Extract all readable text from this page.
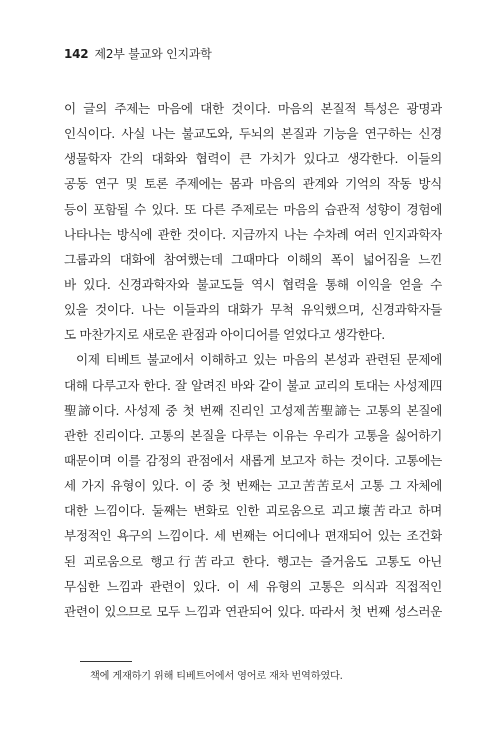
142 제2부 불교와 인지과학
이 글의 주제는 마음에 대한 것이다. 마음의 본질적 특성은 광명과
인식이다. 사실 나는 불교도와, 두뇌의 본질과 기능을 연구하는 신경
생물학자 간의 대화와 협력이 큰 가치가 있다고 생각한다. 이들의
공동 연구 및 토론 주제에는 몸과 마음의 관계와 기억의 작동 방식
등이 포함될 수 있다. 또 다른 주제로는 마음의 습관적 성향이 경험에
나타나는 방식에 관한 것이다. 지금까지 나는 수차례 여러 인지과학자
그룹과의 대화에 참여했는데 그때마다 이해의 폭이 넓어짐을 느낀
바 있다. 신경과학자와 불교도들 역시 협력을 통해 이익을 얻을 수
있을 것이다. 나는 이들과의 대화가 무척 유익했으며, 신경과학자들
도 마찬가지로 새로운 관점과 아이디어를 얻었다고 생각한다.
이제 티베트 불교에서 이해하고 있는 마음의 본성과 관련된 문제에
대해 다루고자 한다. 잘 알려진 바와 같이 불교 교리의 토대는 사성제四
聖諦이다. 사성제 중 첫 번째 진리인 고성제苦聖諦는 고통의 본질에
관한 진리이다. 고통의 본질을 다루는 이유는 우리가 고통을 싫어하기
때문이며 이를 감정의 관점에서 새롭게 보고자 하는 것이다. 고통에는
세 가지 유형이 있다. 이 중 첫 번째는 고고苦苦로서 고통 그 자체에
대한 느낌이다. 둘째는 변화로 인한 괴로움으로 괴고壞苦라고 하며
부정적인 욕구의 느낌이다. 세 번째는 어디에나 편재되어 있는 조건화
된 괴로움으로 행고行苦라고 한다. 행고는 즐거움도 고통도 아닌
무심한 느낌과 관련이 있다. 이 세 유형의 고통은 의식과 직접적인
관련이 있으므로 모두 느낌과 연관되어 있다. 따라서 첫 번째 성스러운
책에 게재하기 위해 티베트어에서 영어로 재차 번역하였다.
